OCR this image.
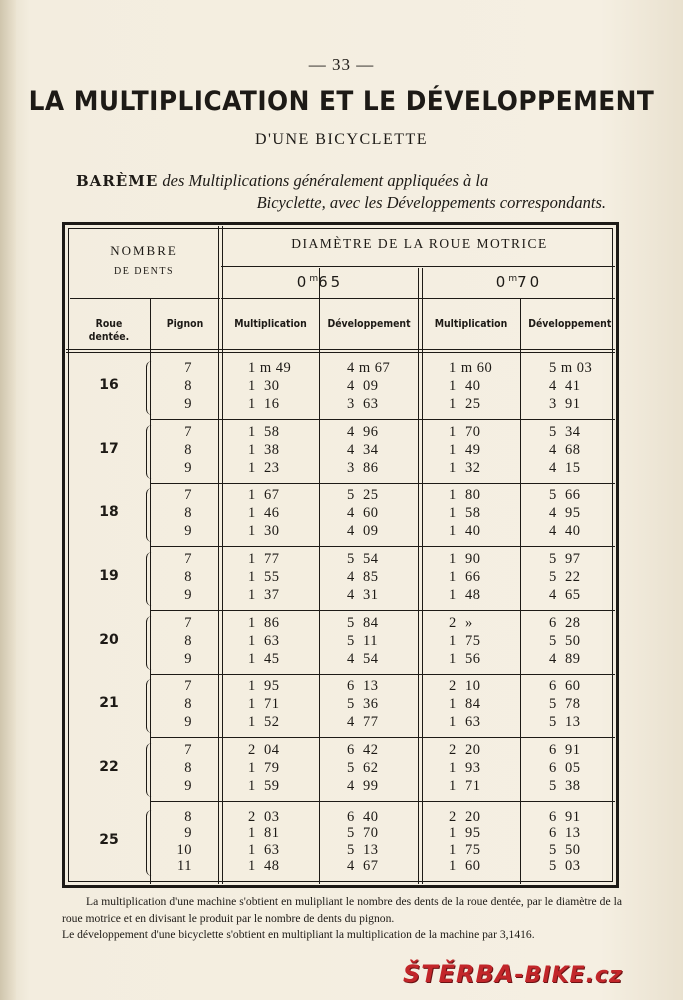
— 33 —
LA MULTIPLICATION ET LE DÉVELOPPEMENT
D'UNE BICYCLETTE
BARÈME des Multiplications généralement appliquées à la
Bicyclette, avec les Développements correspondants.
NOMBRE
DE DENTS
DIAMÈTRE DE LA ROUE MOTRICE
0$^m$65	0$^m$70
Roue dentée.
Pignon	Multiplication	Développement	Multiplication	Développement
16
7	1 m 49	4 m 67	1 m 60	5 m 03
8	1  30	4  09	1  40	4  41
9	1  16	3  63	1  25	3  91
17
7	1  58	4  96	1  70	5  34
8	1  38	4  34	1  49	4  68
9	1  23	3  86	1  32	4  15
18
7	1  67	5  25	1  80	5  66
8	1  46	4  60	1  58	4  95
9	1  30	4  09	1  40	4  40
19
7	1  77	5  54	1  90	5  97
8	1  55	4  85	1  66	5  22
9	1  37	4  31	1  48	4  65
20
7	1  86	5  84	2  »	6  28
8	1  63	5  11	1  75	5  50
9	1  45	4  54	1  56	4  89
21
7	1  95	6  13	2  10	6  60
8	1  71	5  36	1  84	5  78
9	1  52	4  77	1  63	5  13
22
7	2  04	6  42	2  20	6  91
8	1  79	5  62	1  93	6  05
9	1  59	4  99	1  71	5  38
25
8	2  03	6  40	2  20	6  91
9	1  81	5  70	1  95	6  13
10	1  63	5  13	1  75	5  50
11	1  48	4  67	1  60	5  03

La multiplication d'une machine s'obtient en mulipliant le nombre des dents de la roue dentée, par le diamètre de la roue motrice et en divisant le produit par le nombre de dents du pignon.

Le développement d'une bicyclette s'obtient en multipliant la multiplication de la machine par 3,1416.

ŠTĚRBA-BIKE.cz
